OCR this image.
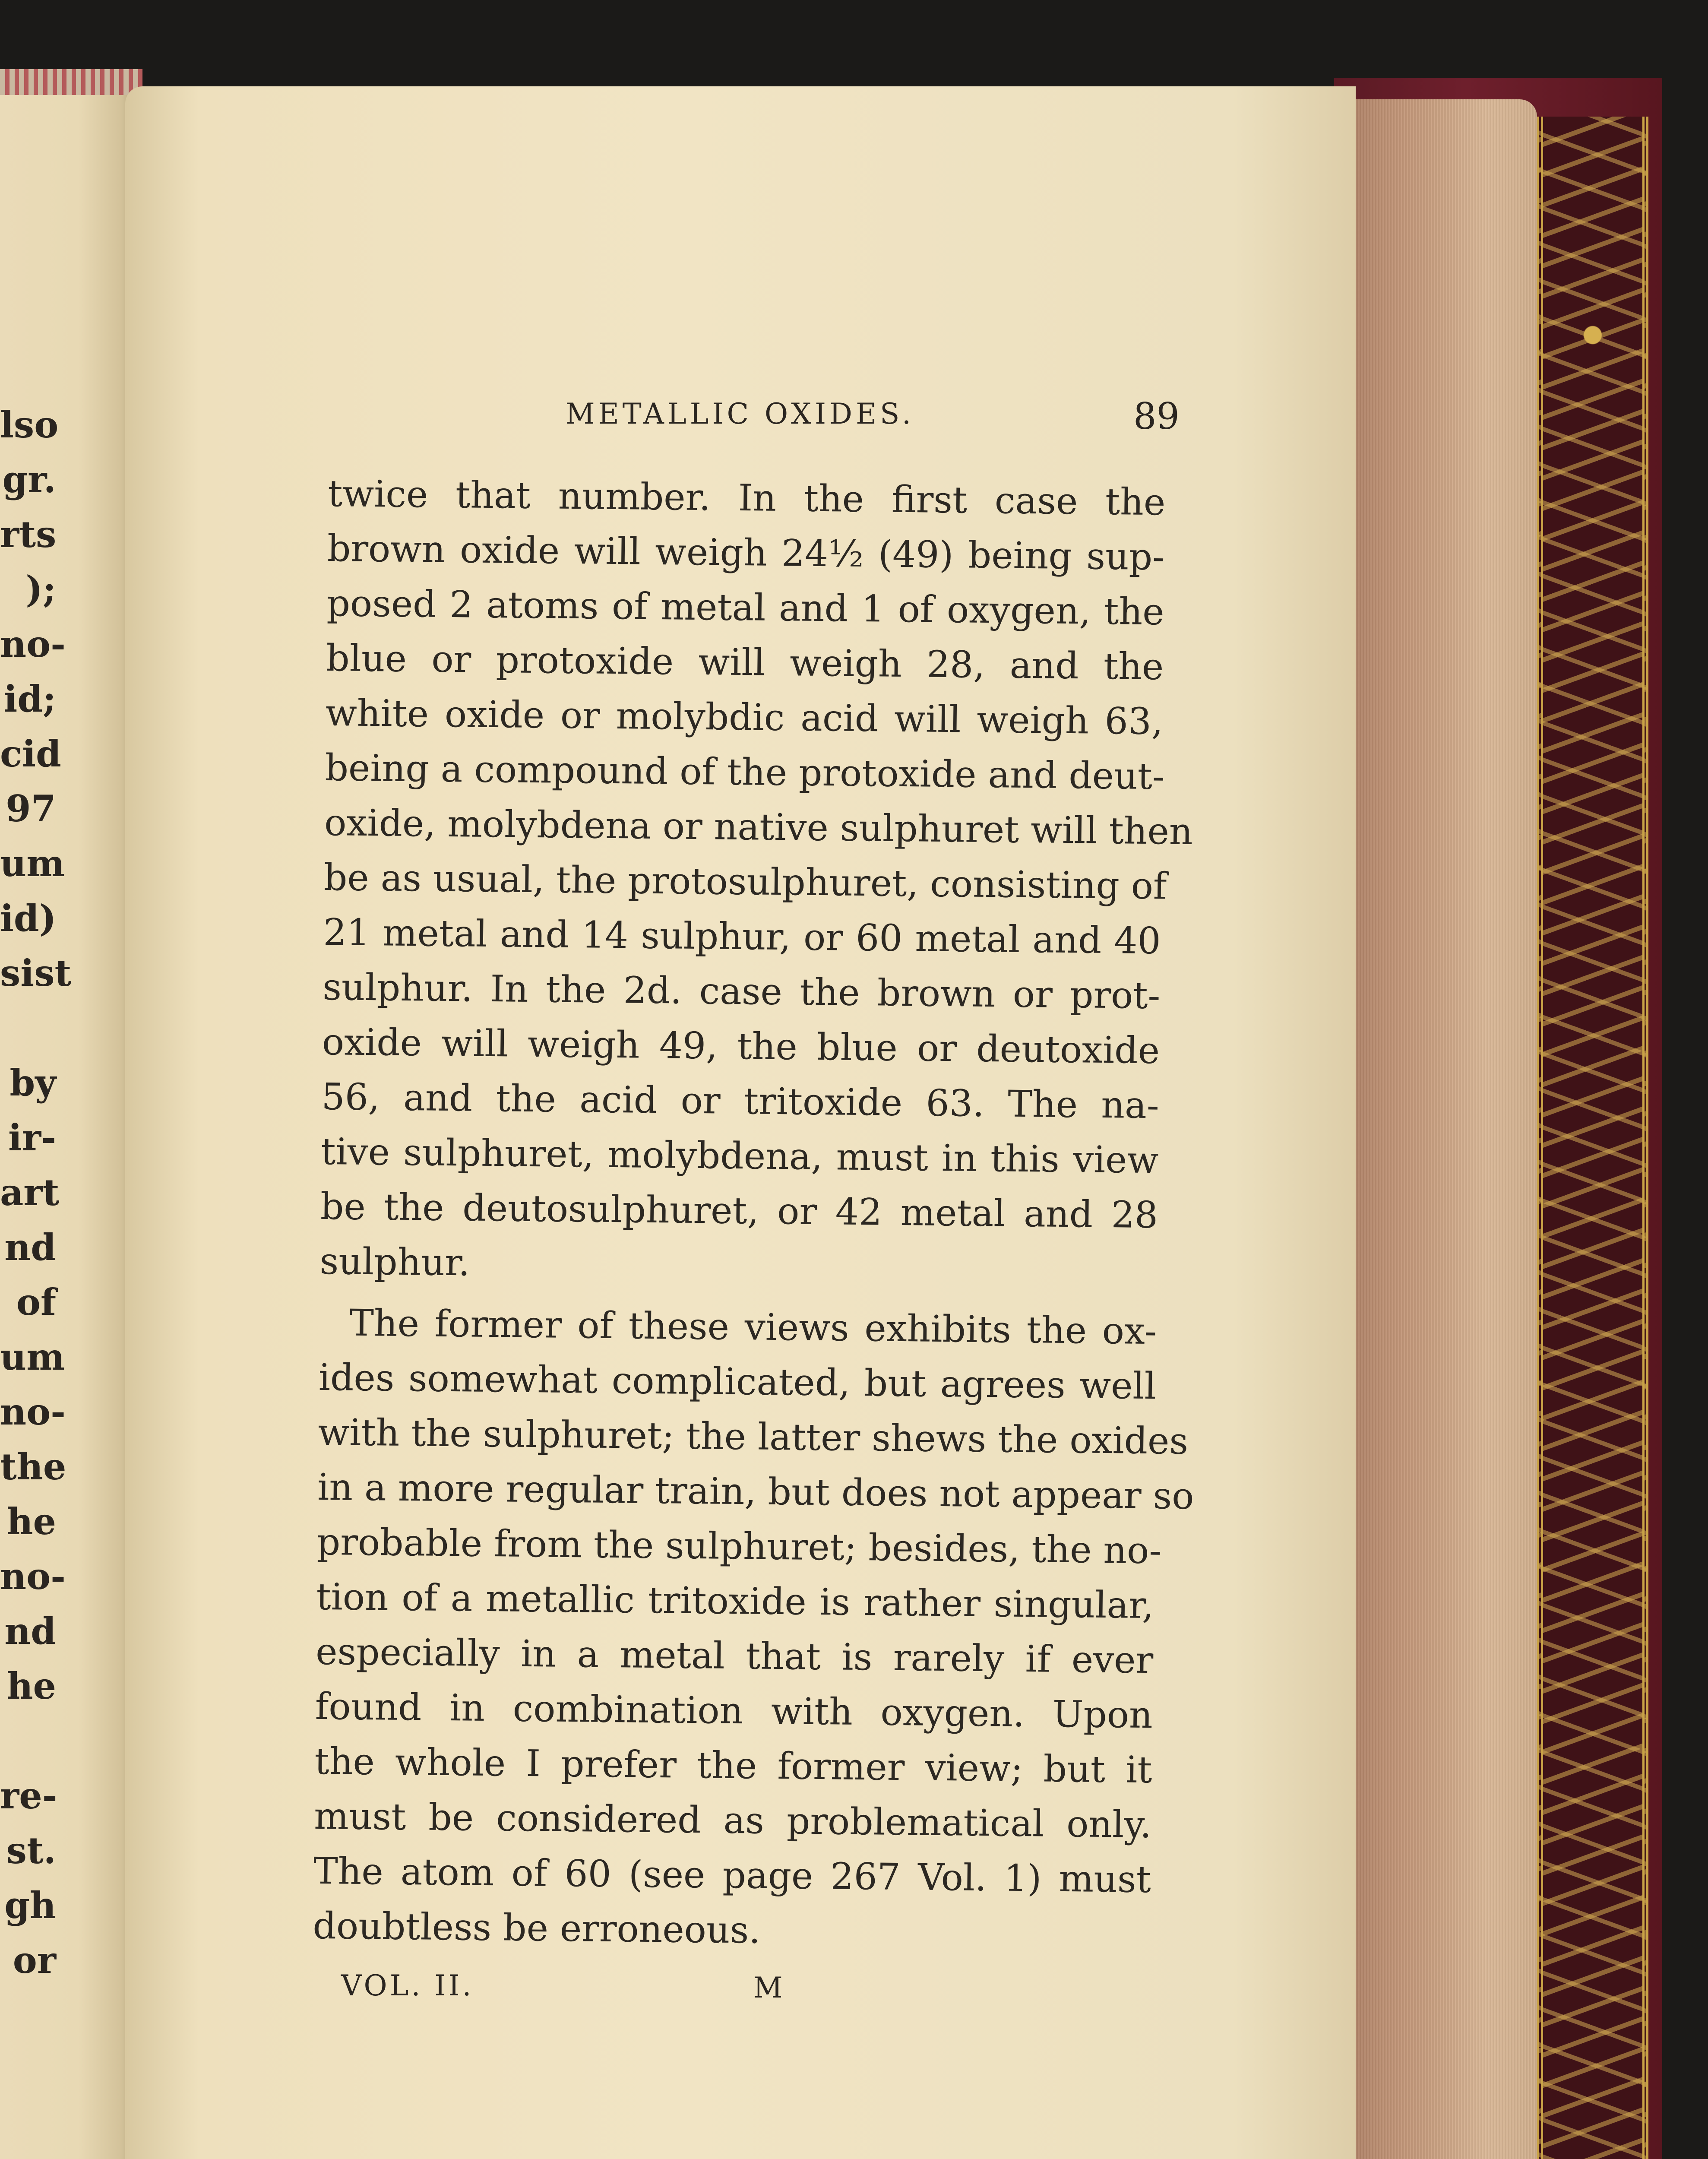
lso
gr.
rts
);
no-
id;
cid
97
um
id)
sist

by
ir-
art
nd
of
um
no-
the
he
no-
nd
he

re-
st.
gh
or
METALLIC OXIDES.	89
twice that number. In the first case the
brown oxide will weigh 24½ (49) being sup-
posed 2 atoms of metal and 1 of oxygen, the
blue or protoxide will weigh 28, and the
white oxide or molybdic acid will weigh 63,
being a compound of the protoxide and deut-
oxide, molybdena or native sulphuret will then
be as usual, the protosulphuret, consisting of
21 metal and 14 sulphur, or 60 metal and 40
sulphur. In the 2d. case the brown or prot-
oxide will weigh 49, the blue or deutoxide
56, and the acid or tritoxide 63. The na-
tive sulphuret, molybdena, must in this view
be the deutosulphuret, or 42 metal and 28
sulphur.
The former of these views exhibits the ox-
ides somewhat complicated, but agrees well
with the sulphuret; the latter shews the oxides
in a more regular train, but does not appear so
probable from the sulphuret; besides, the no-
tion of a metallic tritoxide is rather singular,
especially in a metal that is rarely if ever
found in combination with oxygen. Upon
the whole I prefer the former view; but it
must be considered as problematical only.
The atom of 60 (see page 267 Vol. 1) must
doubtless be erroneous.
VOL. II.	M
